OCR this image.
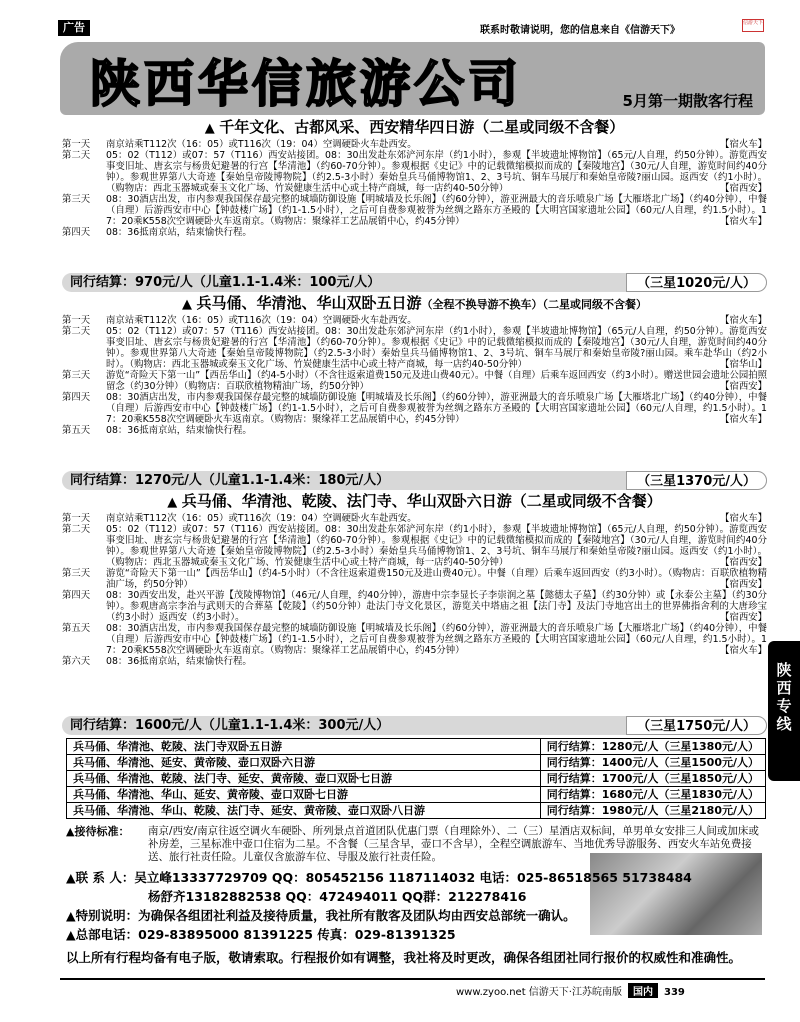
广告	联系时敬请说明，您的信息来自《信游天下》
信游天下
陕西华信旅游公司	5月第一期散客行程
▲ 千年文化、古都风采、西安精华四日游（二星或同级不含餐）
第一天	南京站乘T112次（16：05）或T116次（19：04）空调硬卧火车赴西安。	【宿火车】
第二天	05：02（T112）或07：57（T116）西安站接团。08：30出发赴东郊浐河东岸（约1小时），参观【半坡遗址博物馆】（65元/人自理，约50分钟）。游览西安事变旧址、唐玄宗与杨贵妃避暑的行宫【华清池】（约60-70分钟）。参观根据《史记》中的记载微缩模拟而成的【秦陵地宫】（30元/人自理，游览时间约40分钟）。参观世界第八大奇迹【秦始皇帝陵博物院】（约2.5-3小时）秦始皇兵马俑博物馆1、2、3号坑、铜车马展厅和秦始皇帝陵?丽山园。返西安（约1小时）。（购物店：西北玉器城或秦玉文化广场、竹炭健康生活中心或土特产商城，每一店约40-50分钟）	【宿西安】
第三天	08：30酒店出发，市内参观我国保存最完整的城墙防御设施【明城墙及长乐阁】（约60分钟），游亚洲最大的音乐喷泉广场【大雁塔北广场】（约40分钟），中餐（自理）后游西安市中心【钟鼓楼广场】（约1-1.5小时），之后可自费参观被誉为丝绸之路东方圣殿的【大明宫国家遗址公园】（60元/人自理，约1.5小时）。17：20乘K558次空调硬卧火车返南京。（购物店：聚缘祥工艺品展销中心，约45分钟）	【宿火车】
第四天	08：36抵南京站，结束愉快行程。
同行结算：970元/人（儿童1.1-1.4米：100元/人）	（三星1020元/人）
▲ 兵马俑、华清池、华山双卧五日游（全程不换导游不换车）（二星或同级不含餐）
第一天	南京站乘T112次（16：05）或T116次（19：04）空调硬卧火车赴西安。	【宿火车】
第二天	05：02（T112）或07：57（T116）西安站接团。08：30出发赴东郊浐河东岸（约1小时），参观【半坡遗址博物馆】（65元/人自理，约50分钟）。游览西安事变旧址、唐玄宗与杨贵妃避暑的行宫【华清池】（约60-70分钟）。参观根据《史记》中的记载微缩模拟而成的【秦陵地宫】（30元/人自理，游览时间约40分钟）。参观世界第八大奇迹【秦始皇帝陵博物院】（约2.5-3小时）秦始皇兵马俑博物馆1、2、3号坑、铜车马展厅和秦始皇帝陵?丽山园。乘车赴华山（约2小时）。（购物店：西北玉器城或秦玉文化广场、竹炭健康生活中心或土特产商城，每一店约40-50分钟）	【宿华山】
第三天	游览“奇险天下第一山”【西岳华山】（约4-5小时）（不含往返索道费150元及进山费40元）。中餐（自理）后乘车返回西安（约3小时）。赠送世园会遗址公园拍照留念（约30分钟）（购物店：百联欣植物精油广场，约50分钟）	【宿西安】
第四天	08：30酒店出发，市内参观我国保存最完整的城墙防御设施【明城墙及长乐阁】（约60分钟），游亚洲最大的音乐喷泉广场【大雁塔北广场】（约40分钟），中餐（自理）后游西安市中心【钟鼓楼广场】（约1-1.5小时），之后可自费参观被誉为丝绸之路东方圣殿的【大明宫国家遗址公园】（60元/人自理，约1.5小时）。17：20乘K558次空调硬卧火车返南京。（购物店：聚缘祥工艺品展销中心，约45分钟）	【宿火车】
第五天	08：36抵南京站，结束愉快行程。
同行结算：1270元/人（儿童1.1-1.4米：180元/人）	（三星1370元/人）
▲ 兵马俑、华清池、乾陵、法门寺、华山双卧六日游（二星或同级不含餐）
第一天	南京站乘T112次（16：05）或T116次（19：04）空调硬卧火车赴西安。	【宿火车】
第二天	05：02（T112）或07：57（T116）西安站接团。08：30出发赴东郊浐河东岸（约1小时），参观【半坡遗址博物馆】（65元/人自理，约50分钟）。游览西安事变旧址、唐玄宗与杨贵妃避暑的行宫【华清池】（约60-70分钟）。参观根据《史记》中的记载微缩模拟而成的【秦陵地宫】（30元/人自理，游览时间约40分钟）。参观世界第八大奇迹【秦始皇帝陵博物院】（约2.5-3小时）秦始皇兵马俑博物馆1、2、3号坑、铜车马展厅和秦始皇帝陵?丽山园。返西安（约1小时）。（购物店：西北玉器城或秦玉文化广场、竹炭健康生活中心或土特产商城，每一店约40-50分钟）	【宿西安】
第三天	游览“奇险天下第一山”【西岳华山】（约4-5小时）（不含往返索道费150元及进山费40元）。中餐（自理）后乘车返回西安（约3小时）。（购物店：百联欣植物精油广场，约50分钟）	【宿西安】
第四天	08：30西安出发，赴兴平游【茂陵博物馆】（46元/人自理，约40分钟），游唐中宗李显长子李崇润之墓【懿德太子墓】（约30分钟）或【永泰公主墓】（约30分钟）。参观唐高宗李治与武则天的合葬墓【乾陵】（约50分钟）赴法门寺文化景区，游览关中塔庙之祖【法门寺】及法门寺地宫出土的世界佛指舍利的大唐珍宝（约3小时）返西安（约3小时）。	【宿西安】
第五天	08：30酒店出发，市内参观我国保存最完整的城墙防御设施【明城墙及长乐阁】（约60分钟），游亚洲最大的音乐喷泉广场【大雁塔北广场】（约40分钟），中餐（自理）后游西安市中心【钟鼓楼广场】（约1-1.5小时），之后可自费参观被誉为丝绸之路东方圣殿的【大明宫国家遗址公园】（60元/人自理，约1.5小时）。17：20乘K558次空调硬卧火车返南京。（购物店：聚缘祥工艺品展销中心，约45分钟）	【宿火车】
第六天	08：36抵南京站，结束愉快行程。
同行结算：1600元/人（儿童1.1-1.4米：300元/人）	（三星1750元/人）
兵马俑、华清池、乾陵、法门寺双卧五日游	同行结算：1280元/人（三星1380元/人）
兵马俑、华清池、延安、黄帝陵、壶口双卧六日游	同行结算：1400元/人（三星1500元/人）
兵马俑、华清池、乾陵、法门寺、延安、黄帝陵、壶口双卧七日游	同行结算：1700元/人（三星1850元/人）
兵马俑、华清池、华山、延安、黄帝陵、壶口双卧七日游	同行结算：1680元/人（三星1830元/人）
兵马俑、华清池、华山、乾陵、法门寺、延安、黄帝陵、壶口双卧八日游	同行结算：1980元/人（三星2180元/人）
陕
西
专
线
▲接待标准：	南京/西安/南京往返空调火车硬卧、所列景点首道团队优惠门票（自理除外）、二（三）星酒店双标间，单男单女安排三人间或加床或补房差，三星标准中壶口住宿为二星。不含餐（三星含早，壶口不含早），全程空调旅游车、当地优秀导游服务、西安火车站免费接送、旅行社责任险。儿童仅含旅游车位、导服及旅行社责任险。
▲联 系 人：吴立峰13337729709 QQ：805452156 1187114032 电话：025-86518565 51738484
杨舒齐13182882538 QQ：472494011 QQ群：212278416
▲特别说明：为确保各组团社利益及接待质量，我社所有散客及团队均由西安总部统一确认。
▲总部电话：029-83895000 81391225 传真：029-81391325
以上所有行程均备有电子版，敬请索取。行程报价如有调整，我社将及时更改，确保各组团社同行报价的权威性和准确性。
www.zyoo.net 信游天下·江苏皖南版 国内 339
